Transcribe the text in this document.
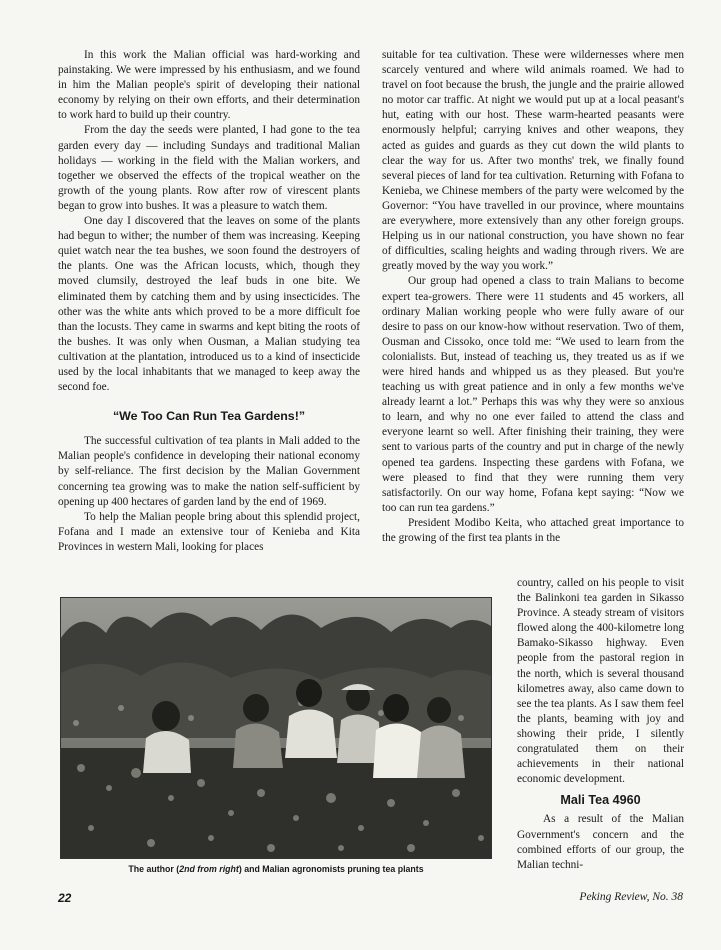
In this work the Malian official was hard-working and painstaking. We were impressed by his enthusiasm, and we found in him the Malian people's spirit of developing their national economy by relying on their own efforts, and their determination to work hard to build up their country.

From the day the seeds were planted, I had gone to the tea garden every day — including Sundays and traditional Malian holidays — working in the field with the Malian workers, and together we observed the effects of the tropical weather on the growth of the young plants. Row after row of virescent plants began to grow into bushes. It was a pleasure to watch them.

One day I discovered that the leaves on some of the plants had begun to wither; the number of them was increasing. Keeping quiet watch near the tea bushes, we soon found the destroyers of the plants. One was the African locusts, which, though they moved clumsily, destroyed the leaf buds in one bite. We eliminated them by catching them and by using insecticides. The other was the white ants which proved to be a more difficult foe than the locusts. They came in swarms and kept biting the roots of the bushes. It was only when Ousman, a Malian studying tea cultivation at the plantation, introduced us to a kind of insecticide used by the local inhabitants that we managed to keep away the second foe.

“We Too Can Run Tea Gardens!”

The successful cultivation of tea plants in Mali added to the Malian people's confidence in developing their national economy by self-reliance. The first decision by the Malian Government concerning tea growing was to make the nation self-sufficient by opening up 400 hectares of garden land by the end of 1969.

To help the Malian people bring about this splendid project, Fofana and I made an extensive tour of Kenieba and Kita Provinces in western Mali, looking for places

suitable for tea cultivation. These were wildernesses where men scarcely ventured and where wild animals roamed. We had to travel on foot because the brush, the jungle and the prairie allowed no motor car traffic. At night we would put up at a local peasant's hut, eating with our host. These warm-hearted peasants were enormously helpful; carrying knives and other weapons, they acted as guides and guards as they cut down the wild plants to clear the way for us. After two months' trek, we finally found several pieces of land for tea cultivation. Returning with Fofana to Kenieba, we Chinese members of the party were welcomed by the Governor: “You have travelled in our province, where mountains are everywhere, more extensively than any other foreign groups. Helping us in our national construction, you have shown no fear of difficulties, scaling heights and wading through rivers. We are greatly moved by the way you work.”

Our group had opened a class to train Malians to become expert tea-growers. There were 11 students and 45 workers, all ordinary Malian working people who were fully aware of our desire to pass on our know-how without reservation. Two of them, Ousman and Cissoko, once told me: “We used to learn from the colonialists. But, instead of teaching us, they treated us as if we were hired hands and whipped us as they pleased. But you're teaching us with great patience and in only a few months we've already learnt a lot.” Perhaps this was why they were so anxious to learn, and why no one ever failed to attend the class and everyone learnt so well. After finishing their training, they were sent to various parts of the country and put in charge of the newly opened tea gardens. Inspecting these gardens with Fofana, we were pleased to find that they were running them very satisfactorily. On our way home, Fofana kept saying: “Now we too can run tea gardens.”

President Modibo Keita, who attached great importance to the growing of the first tea plants in the

country, called on his people to visit the Balinkoni tea garden in Sikasso Province. A steady stream of visitors flowed along the 400-kilometre long Bamako-Sikasso highway. Even people from the pastoral region in the north, which is several thousand kilometres away, also came down to see the tea plants. As I saw them feel the plants, beaming with joy and showing their pride, I silently congratulated them on their achievements in their national economic development.

Mali Tea 4960

As a result of the Malian Government's concern and the combined efforts of our group, the Malian techni-

The author (2nd from right) and Malian agronomists pruning tea plants
22	Peking Review, No. 38
